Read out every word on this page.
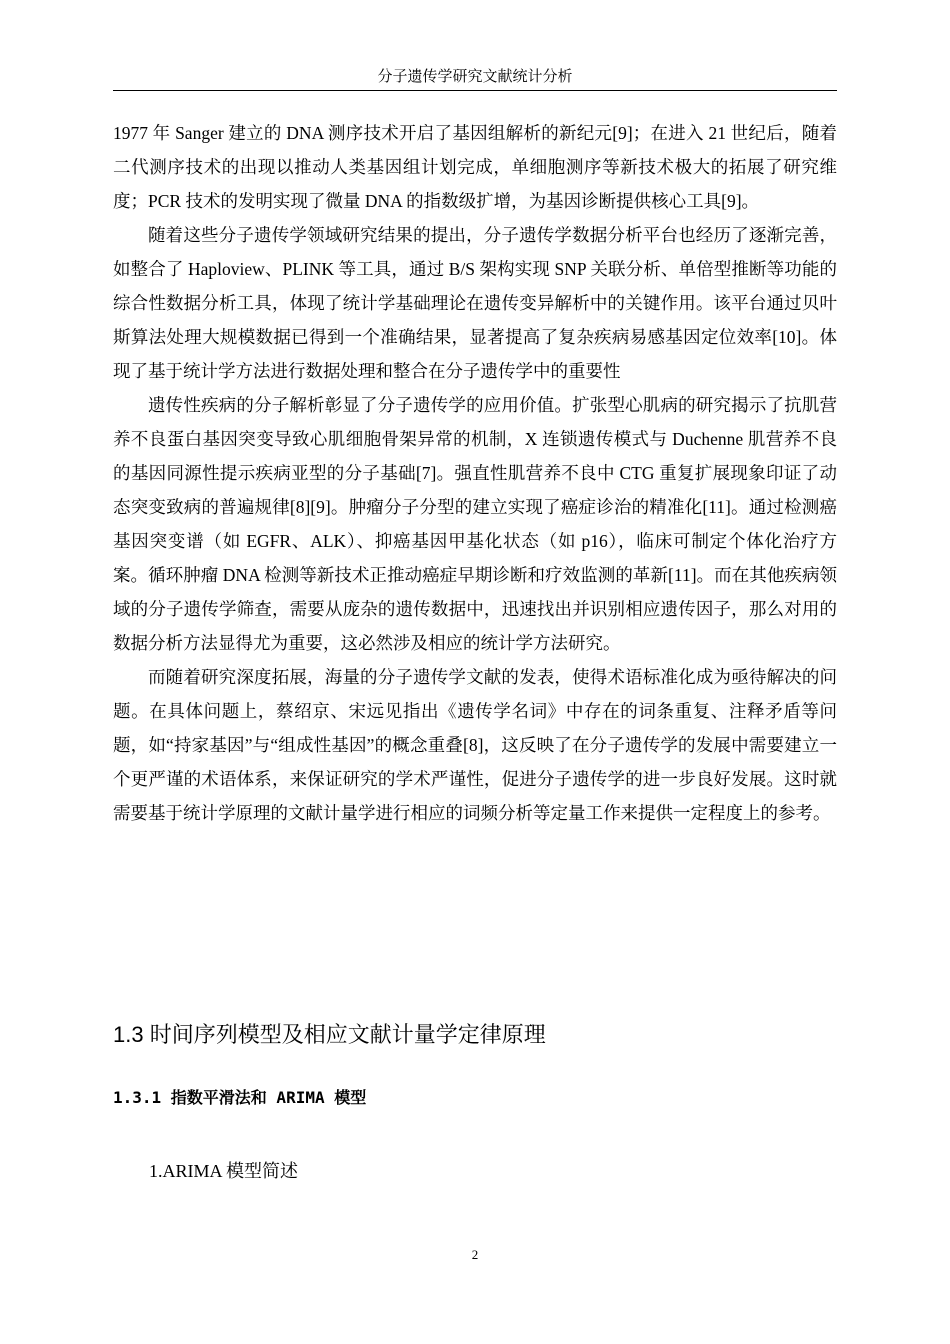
分子遗传学研究文献统计分析

1977 年 Sanger 建立的 DNA 测序技术开启了基因组解析的新纪元[9]；在进入 21 世纪后，随着二代测序技术的出现以推动人类基因组计划完成，单细胞测序等新技术极大的拓展了研究维度；PCR 技术的发明实现了微量 DNA 的指数级扩增，为基因诊断提供核心工具[9]。

随着这些分子遗传学领域研究结果的提出，分子遗传学数据分析平台也经历了逐渐完善，如整合了 Haploview、PLINK 等工具，通过 B/S 架构实现 SNP 关联分析、单倍型推断等功能的综合性数据分析工具，体现了统计学基础理论在遗传变异解析中的关键作用。该平台通过贝叶斯算法处理大规模数据已得到一个准确结果，显著提高了复杂疾病易感基因定位效率[10]。体现了基于统计学方法进行数据处理和整合在分子遗传学中的重要性

遗传性疾病的分子解析彰显了分子遗传学的应用价值。扩张型心肌病的研究揭示了抗肌营养不良蛋白基因突变导致心肌细胞骨架异常的机制，X 连锁遗传模式与 Duchenne 肌营养不良的基因同源性提示疾病亚型的分子基础[7]。强直性肌营养不良中 CTG 重复扩展现象印证了动态突变致病的普遍规律[8][9]。肿瘤分子分型的建立实现了癌症诊治的精准化[11]。通过检测癌基因突变谱（如 EGFR、ALK）、抑癌基因甲基化状态（如 p16），临床可制定个体化治疗方案。循环肿瘤 DNA 检测等新技术正推动癌症早期诊断和疗效监测的革新[11]。而在其他疾病领域的分子遗传学筛查，需要从庞杂的遗传数据中，迅速找出并识别相应遗传因子，那么对用的数据分析方法显得尤为重要，这必然涉及相应的统计学方法研究。

而随着研究深度拓展，海量的分子遗传学文献的发表，使得术语标准化成为亟待解决的问题。在具体问题上，蔡绍京、宋远见指出《遗传学名词》中存在的词条重复、注释矛盾等问题，如“持家基因”与“组成性基因”的概念重叠[8]，这反映了在分子遗传学的发展中需要建立一个更严谨的术语体系，来保证研究的学术严谨性，促进分子遗传学的进一步良好发展。这时就需要基于统计学原理的文献计量学进行相应的词频分析等定量工作来提供一定程度上的参考。

1.3 时间序列模型及相应文献计量学定律原理
1.3.1 指数平滑法和 ARIMA 模型
1.ARIMA 模型简述
2
